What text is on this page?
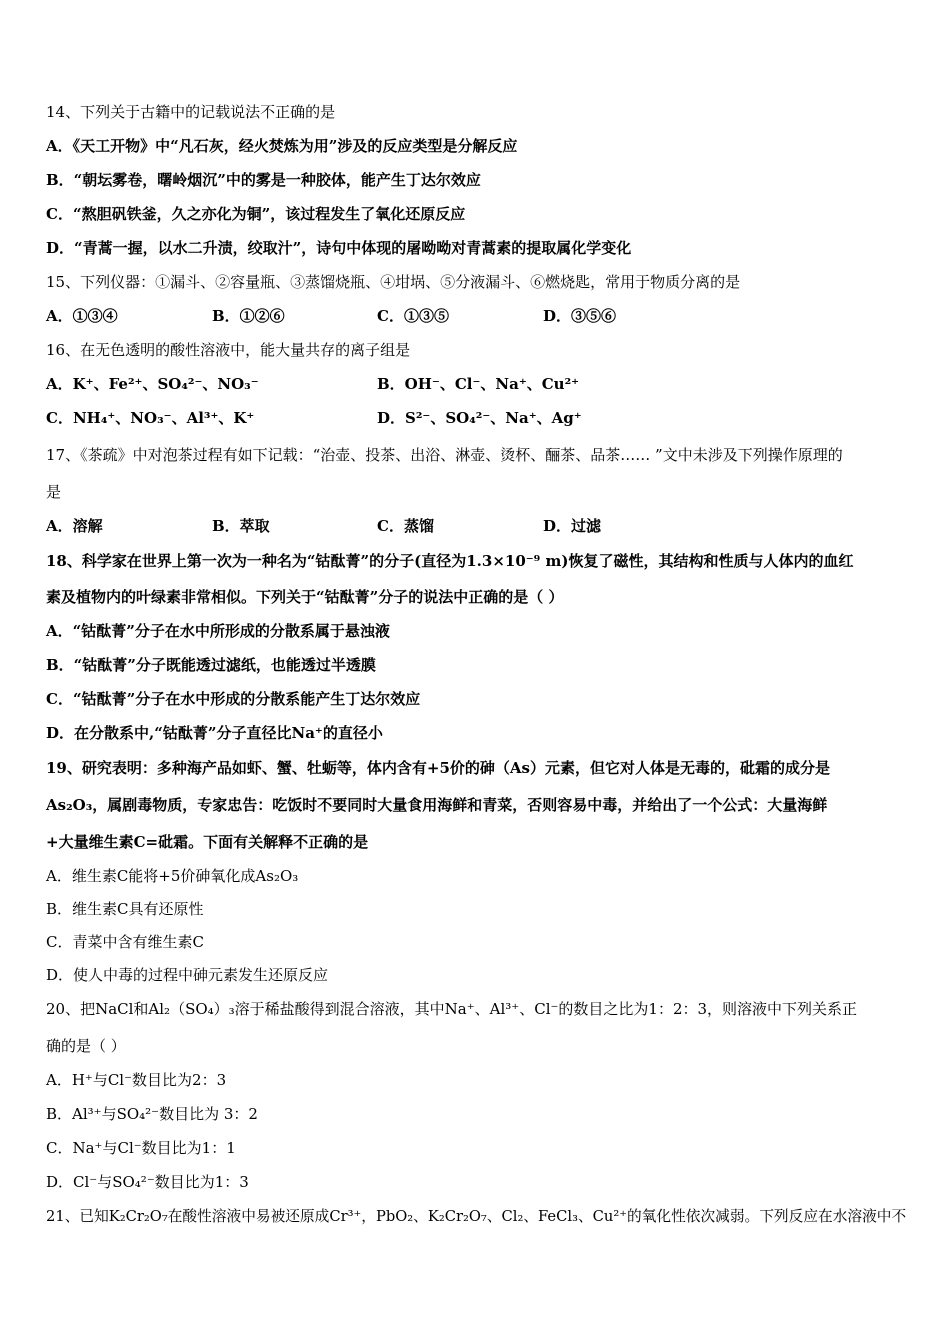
14、下列关于古籍中的记载说法不正确的是
A．《天工开物》中“凡石灰，经火焚炼为用”涉及的反应类型是分解反应
B．“朝坛雾卷，曙岭烟沉”中的雾是一种胶体，能产生丁达尔效应
C．“熬胆矾铁釜，久之亦化为铜”，该过程发生了氧化还原反应
D．“青蒿一握，以水二升渍，绞取汁”，诗句中体现的屠呦呦对青蒿素的提取属化学变化
15、下列仪器：①漏斗、②容量瓶、③蒸馏烧瓶、④坩埚、⑤分液漏斗、⑥燃烧匙，常用于物质分离的是
A．①③④	B．①②⑥	C．①③⑤	D．③⑤⑥
16、在无色透明的酸性溶液中，能大量共存的离子组是
A．K⁺、Fe²⁺、SO₄²⁻、NO₃⁻	B．OH⁻、Cl⁻、Na⁺、Cu²⁺
C．NH₄⁺、NO₃⁻、Al³⁺、K⁺	D．S²⁻、SO₄²⁻、Na⁺、Ag⁺
17、《茶疏》中对泡茶过程有如下记载：“治壶、投茶、出浴、淋壶、烫杯、酾茶、品茶…… ”文中未涉及下列操作原理的
是
A．溶解	B．萃取	C．蒸馏	D．过滤
18、科学家在世界上第一次为一种名为“钴酞菁”的分子(直径为1.3×10⁻⁹ m)恢复了磁性，其结构和性质与人体内的血红
素及植物内的叶绿素非常相似。下列关于“钴酞菁”分子的说法中正确的是（ ）
A．“钴酞菁”分子在水中所形成的分散系属于悬浊液
B．“钴酞菁”分子既能透过滤纸，也能透过半透膜
C．“钴酞菁”分子在水中形成的分散系能产生丁达尔效应
D．在分散系中,“钴酞菁”分子直径比Na⁺的直径小
19、研究表明：多种海产品如虾、蟹、牡蛎等，体内含有+5价的砷（As）元素，但它对人体是无毒的，砒霜的成分是
As₂O₃，属剧毒物质，专家忠告：吃饭时不要同时大量食用海鲜和青菜，否则容易中毒，并给出了一个公式：大量海鲜
+大量维生素C=砒霜。下面有关解释不正确的是
A．维生素C能将+5价砷氧化成As₂O₃
B．维生素C具有还原性
C．青菜中含有维生素C
D．使人中毒的过程中砷元素发生还原反应
20、把NaCl和Al₂（SO₄）₃溶于稀盐酸得到混合溶液，其中Na⁺、Al³⁺、Cl⁻的数目之比为1：2：3，则溶液中下列关系正
确的是（ ）
A．H⁺与Cl⁻数目比为2：3
B．Al³⁺与SO₄²⁻数目比为 3：2
C．Na⁺与Cl⁻数目比为1：1
D．Cl⁻与SO₄²⁻数目比为1：3
21、已知K₂Cr₂O₇在酸性溶液中易被还原成Cr³⁺，PbO₂、K₂Cr₂O₇、Cl₂、FeCl₃、Cu²⁺的氧化性依次减弱。下列反应在水溶液中不
